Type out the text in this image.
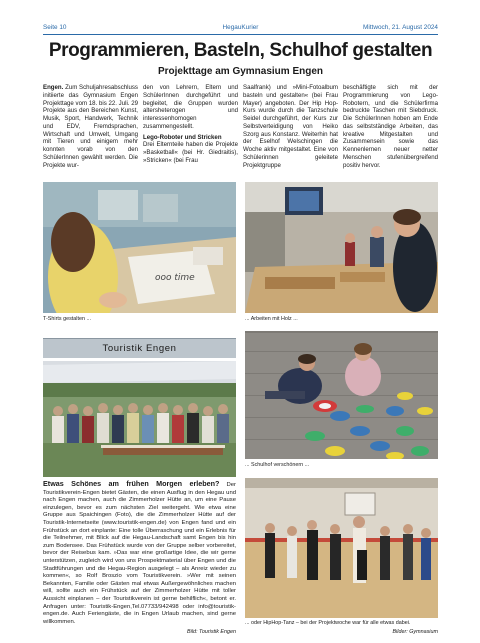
Seite 10	HegauKurier	Mittwoch, 21. August 2024
Programmieren, Basteln, Schulhof gestalten
Projekttage am Gymnasium Engen
Engen. Zum Schuljahresabschluss initiierte das Gymnasium Engen Projekttage vom 18. bis 22. Juli. 29 Projekte aus den Bereichen Kunst, Musik, Sport, Handwerk, Technik und EDV, Fremdsprachen, Wirtschaft und Umwelt, Umgang mit Tieren und einigem mehr konnten vorab von den SchülerInnen gewählt werden. Die Projekte wur-
den von Lehrern, Eltern und SchülerInnen durchgeführt und begleitet, die Gruppen wurden altersheterogen und interessenhomogen zusammengestellt.
Lego-Roboter und Stricken
Drei Elternteile haben die Projekte »Basketball« (bei Hr. Giedraitis), »Stricken« (bei Frau
Saalfrank) und »Mini-Fotoalbum basteln und gestalten« (bei Frau Mayer) angeboten. Der Hip Hop-Kurs wurde durch die Tanzschule Seidel durchgeführt, der Kurs zur Selbstverteidigung von Heiko Szorg aus Konstanz. Weiterhin hat der Eselhof Welschingen die Woche aktiv mitgestaltet. Eine von Schülerinnen geleitete Projektgruppe
beschäftigte sich mit der Programmierung von Lego-Robotern, und die Schülerfirma bedruckte Taschen mit Siebdruck. Die SchülerInnen hoben am Ende das selbstständige Arbeiten, das kreative Mitgestalten und Zusammensein sowie das Kennenlernen neuer netter Menschen stufenübergreifend positiv hervor.
ooo time
T-Shirts gestalten ...	... Arbeiten mit Holz ...
Touristik Engen
Etwas Schönes am frühen Morgen erleben? Der Touristikverein-Engen bietet Gästen, die einen Ausflug in den Hegau und nach Engen machen, auch die Zimmerholzer Hütte an, um eine Pause einzulegen, bevor es zum nächsten Ziel weitergeht. Wie etwa eine Gruppe aus Spaichingen (Foto), die die Zimmerholzer Hütte auf der Touristik-Internetseite (www.touristik-engen.de) von Engen fand und ein Frühstück an dort einplante: Eine tolle Überraschung und ein Erlebnis für die Teilnehmer, mit Blick auf die Hegau-Landschaft samt Engen bis hin zum Bodensee. Das Frühstück wurde von der Gruppe selber vorbereitet, bevor der Reisebus kam. »Das war eine großartige Idee, die wir gerne unterstützen, zugleich wird von uns Prospektmaterial über Engen und die Stadtführungen und die Hegau-Region ausgelegt – als Anreiz wieder zu kommen«, so Rolf Broszio vom Touristikverein. »Wer mit seinen Bekannten, Familie oder Gästen mal etwas Außergewöhnliches machen will, sollte auch ein Frühstück auf der Zimmerholzer Hütte mit toller Aussicht einplanen – der Touristikverein ist gerne behilflich«, betont er. Anfragen unter: Touristik-Engen,Tel.07733/942498 oder info@touristik-engen.de. Auch Feriengäste, die in Engen Urlaub machen, sind gerne willkommen.
Bild: Touristik Engen
... Schulhof verschönern ...
... oder HipHop-Tanz – bei der Projektwoche war für alle etwas dabei.
Bilder: Gymnasium
